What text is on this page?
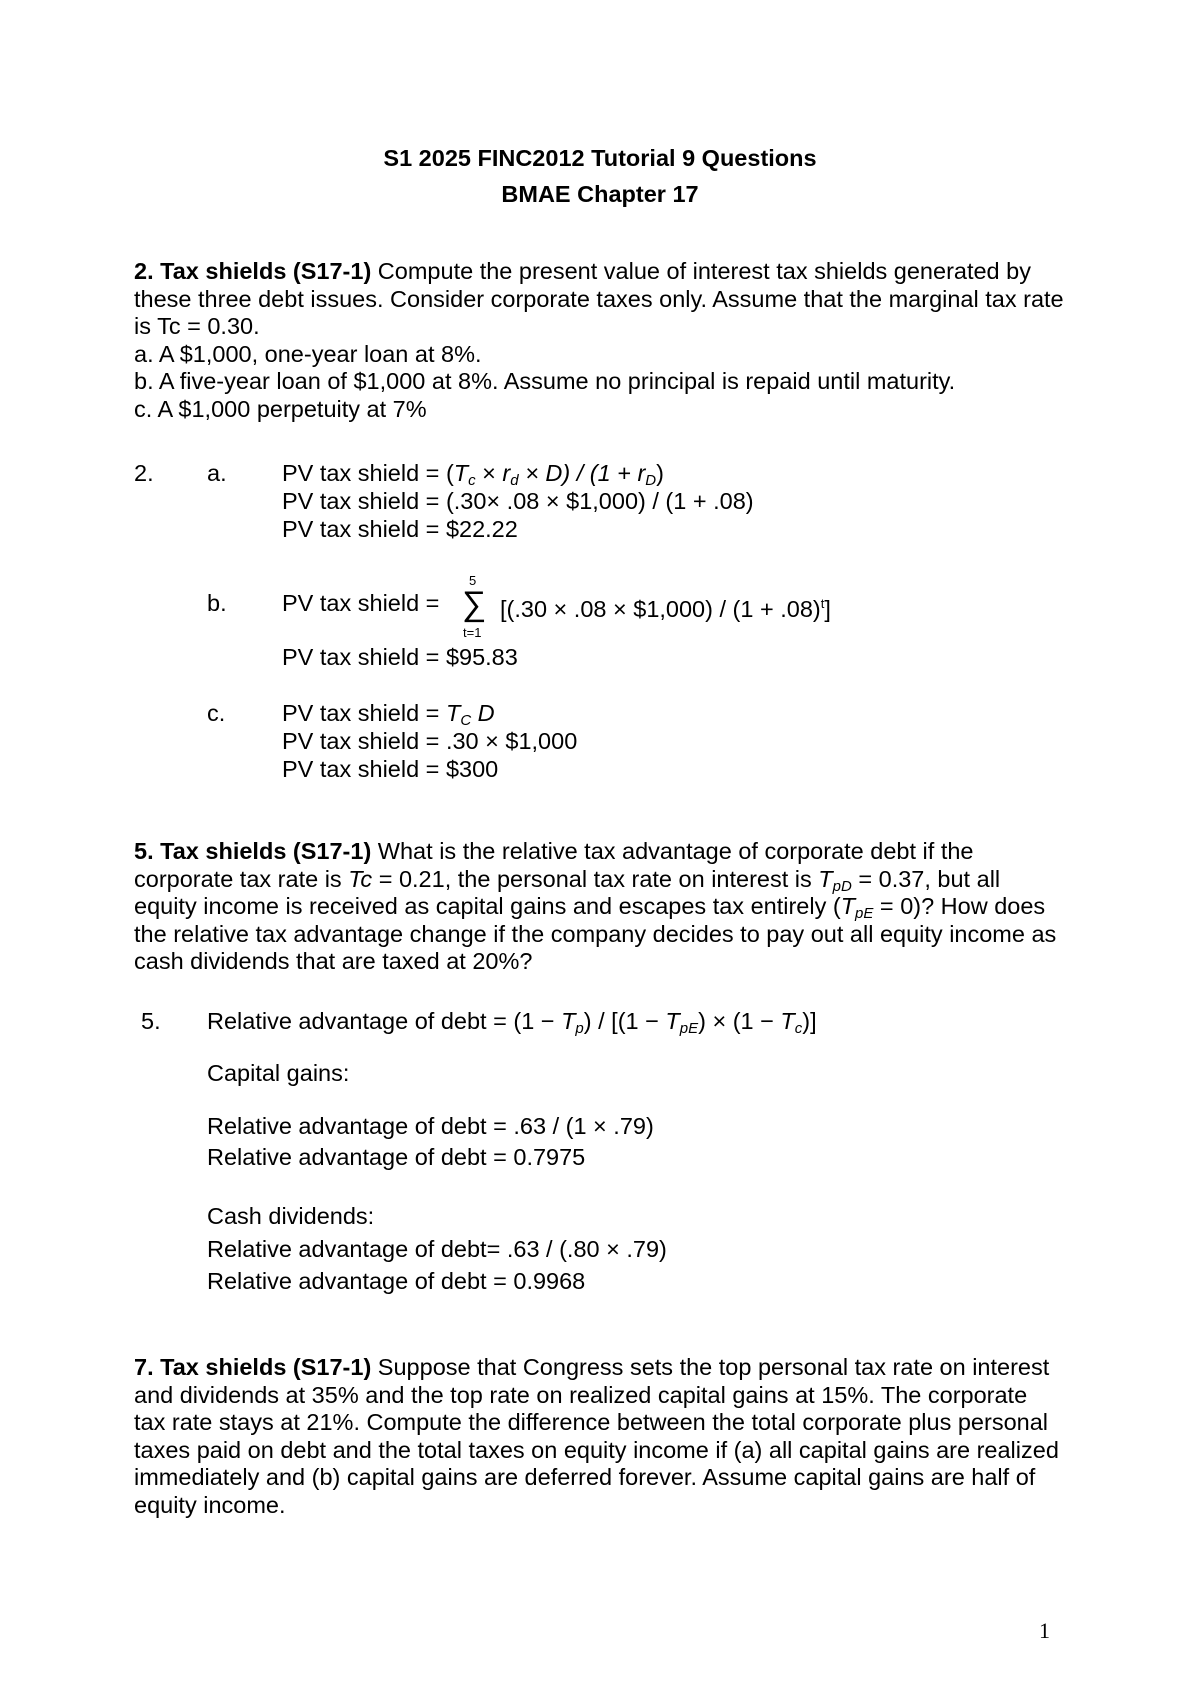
S1 2025 FINC2012 Tutorial 9 Questions
BMAE Chapter 17
2. Tax shields (S17-1) Compute the present value of interest tax shields generated by these three debt issues. Consider corporate taxes only. Assume that the marginal tax rate is Tc = 0.30.
a. A $1,000, one-year loan at 8%.
b. A five-year loan of $1,000 at 8%. Assume no principal is repaid until maturity.
c. A $1,000 perpetuity at 7%
2. a. PV tax shield = $(T_c \times r_d \times D) / (1 + r_D)$
PV tax shield = (.30× .08 × $1,000) / (1 + .08)
PV tax shield = $22.22
b. PV tax shield =
5
∑
t=1
[(.30 × .08 × $1,000) / $(1 + .08)^t$]
PV tax shield = $95.83
c. PV tax shield = $T_C$ D
PV tax shield = .30 × $1,000
PV tax shield = $300
5. Tax shields (S17-1) What is the relative tax advantage of corporate debt if the corporate tax rate is Tc = 0.21, the personal tax rate on interest is $T_{pD} = 0.37$, but all equity income is received as capital gains and escapes tax entirely $(T_{pE} = 0)$? How does the relative tax advantage change if the company decides to pay out all equity income as cash dividends that are taxed at 20%?
5. Relative advantage of debt = $(1 - T_p) / [(1 - T_{pE}) \times (1 - T_c)]$
Capital gains:
Relative advantage of debt = .63 / (1 × .79)
Relative advantage of debt = 0.7975
Cash dividends:
Relative advantage of debt= .63 / (.80 × .79)
Relative advantage of debt = 0.9968
7. Tax shields (S17-1) Suppose that Congress sets the top personal tax rate on interest and dividends at 35% and the top rate on realized capital gains at 15%. The corporate tax rate stays at 21%. Compute the difference between the total corporate plus personal taxes paid on debt and the total taxes on equity income if (a) all capital gains are realized immediately and (b) capital gains are deferred forever. Assume capital gains are half of equity income.
1
